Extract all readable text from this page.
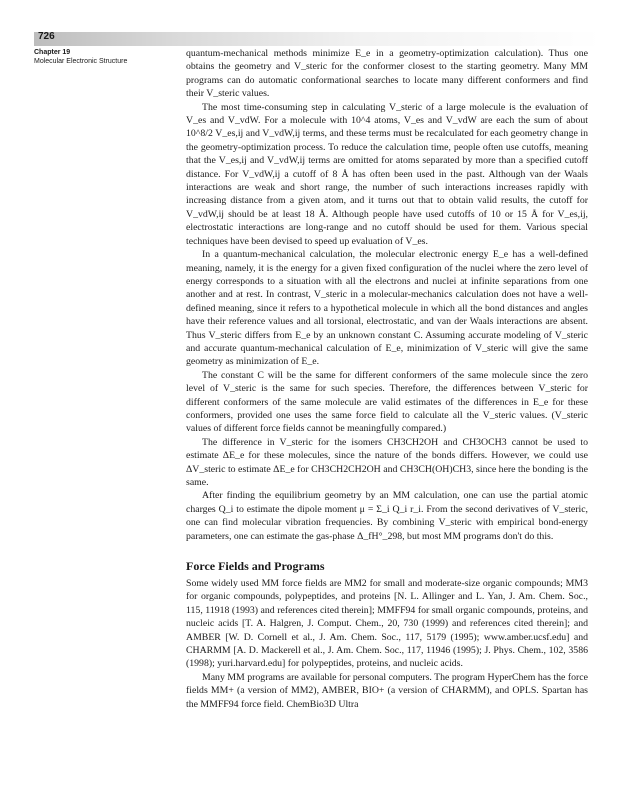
726
Chapter 19
Molecular Electronic Structure

quantum-mechanical methods minimize E_e in a geometry-optimization calculation). Thus one obtains the geometry and V_steric for the conformer closest to the starting geometry. Many MM programs can do automatic conformational searches to locate many different conformers and find their V_steric values.

The most time-consuming step in calculating V_steric of a large molecule is the evaluation of V_es and V_vdW. For a molecule with 10^4 atoms, V_es and V_vdW are each the sum of about 10^8/2 V_es,ij and V_vdW,ij terms, and these terms must be recalculated for each geometry change in the geometry-optimization process. To reduce the calculation time, people often use cutoffs, meaning that the V_es,ij and V_vdW,ij terms are omitted for atoms separated by more than a specified cutoff distance. For V_vdW,ij a cutoff of 8 Å has often been used in the past. Although van der Waals interactions are weak and short range, the number of such interactions increases rapidly with increasing distance from a given atom, and it turns out that to obtain valid results, the cutoff for V_vdW,ij should be at least 18 Å. Although people have used cutoffs of 10 or 15 Å for V_es,ij, electrostatic interactions are long-range and no cutoff should be used for them. Various special techniques have been devised to speed up evaluation of V_es.

In a quantum-mechanical calculation, the molecular electronic energy E_e has a well-defined meaning, namely, it is the energy for a given fixed configuration of the nuclei where the zero level of energy corresponds to a situation with all the electrons and nuclei at infinite separations from one another and at rest. In contrast, V_steric in a molecular-mechanics calculation does not have a well-defined meaning, since it refers to a hypothetical molecule in which all the bond distances and angles have their reference values and all torsional, electrostatic, and van der Waals interactions are absent. Thus V_steric differs from E_e by an unknown constant C. Assuming accurate modeling of V_steric and accurate quantum-mechanical calculation of E_e, minimization of V_steric will give the same geometry as minimization of E_e.

The constant C will be the same for different conformers of the same molecule since the zero level of V_steric is the same for such species. Therefore, the differences between V_steric for different conformers of the same molecule are valid estimates of the differences in E_e for these conformers, provided one uses the same force field to calculate all the V_steric values. (V_steric values of different force fields cannot be meaningfully compared.)

The difference in V_steric for the isomers CH3CH2OH and CH3OCH3 cannot be used to estimate ΔE_e for these molecules, since the nature of the bonds differs. However, we could use ΔV_steric to estimate ΔE_e for CH3CH2CH2OH and CH3CH(OH)CH3, since here the bonding is the same.

After finding the equilibrium geometry by an MM calculation, one can use the partial atomic charges Q_i to estimate the dipole moment μ = Σ_i Q_i r_i. From the second derivatives of V_steric, one can find molecular vibration frequencies. By combining V_steric with empirical bond-energy parameters, one can estimate the gas-phase Δ_fH°_298, but most MM programs don't do this.

Force Fields and Programs

Some widely used MM force fields are MM2 for small and moderate-size organic compounds; MM3 for organic compounds, polypeptides, and proteins [N. L. Allinger and L. Yan, J. Am. Chem. Soc., 115, 11918 (1993) and references cited therein]; MMFF94 for small organic compounds, proteins, and nucleic acids [T. A. Halgren, J. Comput. Chem., 20, 730 (1999) and references cited therein]; and AMBER [W. D. Cornell et al., J. Am. Chem. Soc., 117, 5179 (1995); www.amber.ucsf.edu] and CHARMM [A. D. Mackerell et al., J. Am. Chem. Soc., 117, 11946 (1995); J. Phys. Chem., 102, 3586 (1998); yuri.harvard.edu] for polypeptides, proteins, and nucleic acids.

Many MM programs are available for personal computers. The program HyperChem has the force fields MM+ (a version of MM2), AMBER, BIO+ (a version of CHARMM), and OPLS. Spartan has the MMFF94 force field. ChemBio3D Ultra
